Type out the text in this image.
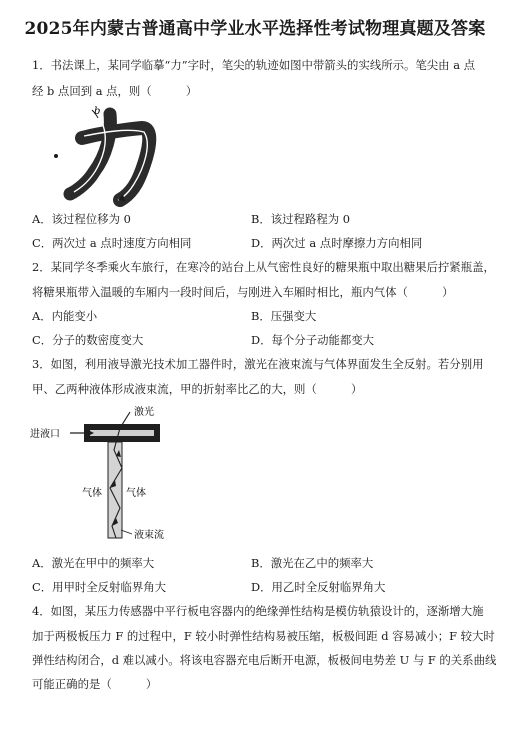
2025年内蒙古普通高中学业水平选择性考试物理真题及答案
1．书法课上，某同学临摹“力”字时，笔尖的轨迹如图中带箭头的实线所示。笔尖由 a 点
经 b 点回到 a 点，则（　　　）
b
A．该过程位移为 0	B．该过程路程为 0
C．两次过 a 点时速度方向相同	D．两次过 a 点时摩擦力方向相同
2．某同学冬季乘火车旅行，在寒冷的站台上从气密性良好的糖果瓶中取出糖果后拧紧瓶盖，
将糖果瓶带入温暖的车厢内一段时间后，与刚进入车厢时相比，瓶内气体（　　　）
A．内能变小	B．压强变大
C．分子的数密度变大	D．每个分子动能都变大
3．如图，利用液导激光技术加工器件时，激光在液束流与气体界面发生全反射。若分别用
甲、乙两种液体形成液束流，甲的折射率比乙的大，则（　　　）
激光
进液口
气体 气体
液束流
A．激光在甲中的频率大	B．激光在乙中的频率大
C．用甲时全反射临界角大	D．用乙时全反射临界角大
4．如图，某压力传感器中平行板电容器内的绝缘弹性结构是模仿轨猿设计的，逐渐增大施
加于两极板压力 F 的过程中，F 较小时弹性结构易被压缩，板极间距 d 容易减小；F 较大时
弹性结构闭合，d 难以减小。将该电容器充电后断开电源，板极间电势差 U 与 F 的关系曲线
可能正确的是（　　　）
